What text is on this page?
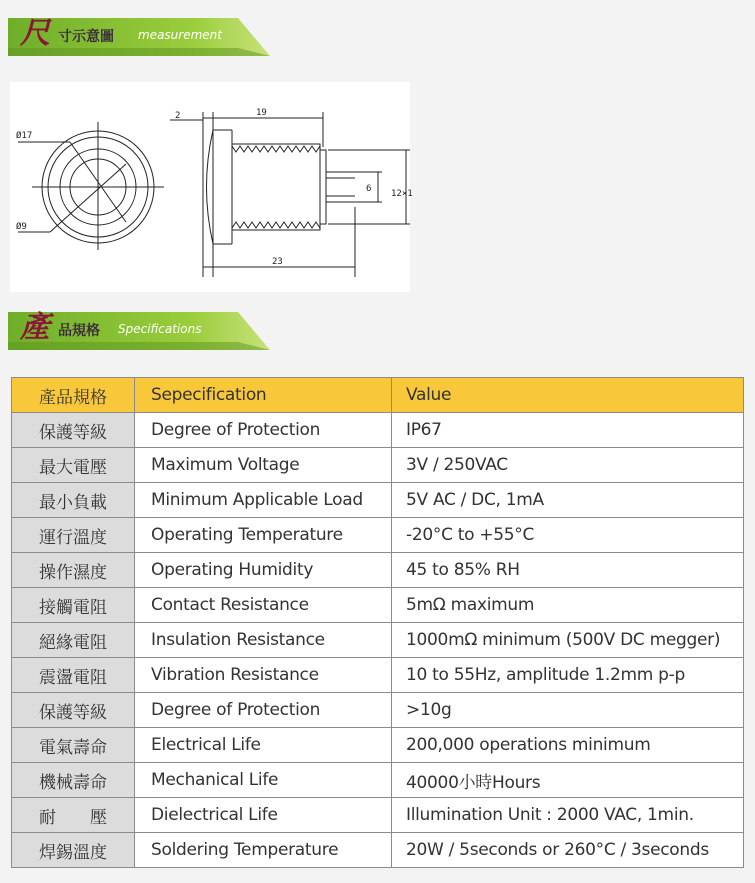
尺 寸示意圖 measurement
Ø17
Ø9
2	19
23
6 12×1
產 品規格 Specifications
產品規格	Sepecification	Value
保護等級	Degree of Protection	IP67
最大電壓	Maximum Voltage	3V / 250VAC
最小負載	Minimum Applicable Load	5V AC / DC, 1mA
運行溫度	Operating Temperature	-20°C to +55°C
操作濕度	Operating Humidity	45 to 85% RH
接觸電阻	Contact Resistance	5mΩ maximum
絕緣電阻	Insulation Resistance	1000mΩ minimum (500V DC megger)
震盪電阻	Vibration Resistance	10 to 55Hz, amplitude 1.2mm p-p
保護等級	Degree of Protection	>10g
電氣壽命	Electrical Life	200,000 operations minimum
機械壽命	Mechanical Life	40000小時Hours
耐　　壓	Dielectrical Life	Illumination Unit : 2000 VAC, 1min.
焊錫溫度	Soldering Temperature	20W / 5seconds or 260°C / 3seconds
